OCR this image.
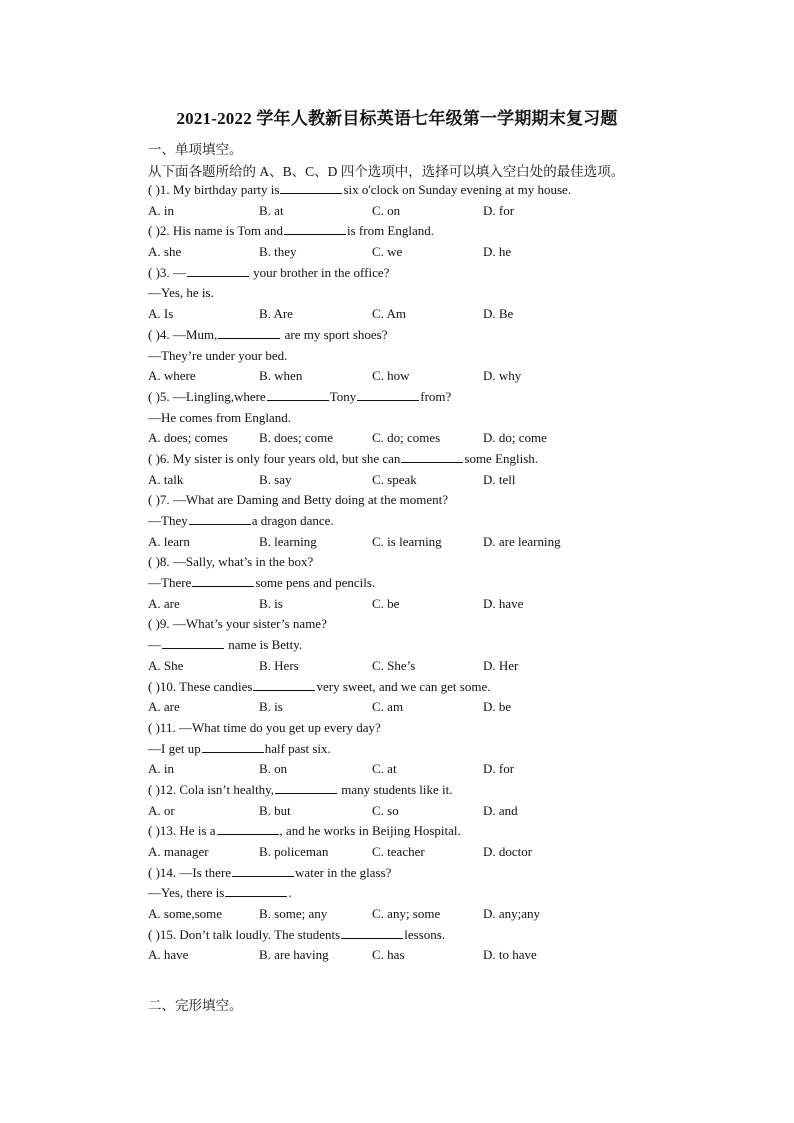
2021-2022 学年人教新目标英语七年级第一学期期末复习题
一、单项填空。
从下面各题所给的 A、B、C、D 四个选项中，选择可以填入空白处的最佳选项。
( )1. My birthday party is	six o'clock on Sunday evening at my house.
A. in	B. at	C. on	D. for
( )2. His name is Tom and	is from England.
A. she	B. they	C. we	D. he
( )3. —	your brother in the office?
—Yes, he is.
A. Is	B. Are	C. Am	D. Be
( )4. —Mum,	are my sport shoes?
—They’re under your bed.
A. where	B. when	C. how	D. why
( )5. —Lingling,where	Tony	from?
—He comes from England.
A. does; comes B. does; come	C. do; comes	D. do; come
( )6. My sister is only four years old, but she can	some English.
A. talk	B. say	C. speak	D. tell
( )7. —What are Daming and Betty doing at the moment?
—They	a dragon dance.
A. learn	B. learning	C. is learning	D. are learning
( )8. —Sally, what’s in the box?
—There	some pens and pencils.
A. are	B. is	C. be	D. have
( )9. —What’s your sister’s name?
—	name is Betty.
A. She	B. Hers	C. She’s	D. Her
( )10. These candies	very sweet, and we can get some.
A. are	B. is	C. am	D. be
( )11. —What time do you get up every day?
—I get up	half past six.
A. in	B. on	C. at	D. for
( )12. Cola isn’t healthy,	many students like it.
A. or	B. but	C. so	D. and
( )13. He is a	, and he works in Beijing Hospital.
A. manager	B. policeman	C. teacher	D. doctor
( )14. —Is there	water in the glass?
—Yes, there is	.
A. some,some	B. some; any	C. any; some	D. any;any
( )15. Don’t talk loudly. The students	lessons.
A. have	B. are having	C. has	D. to have
二、完形填空。
